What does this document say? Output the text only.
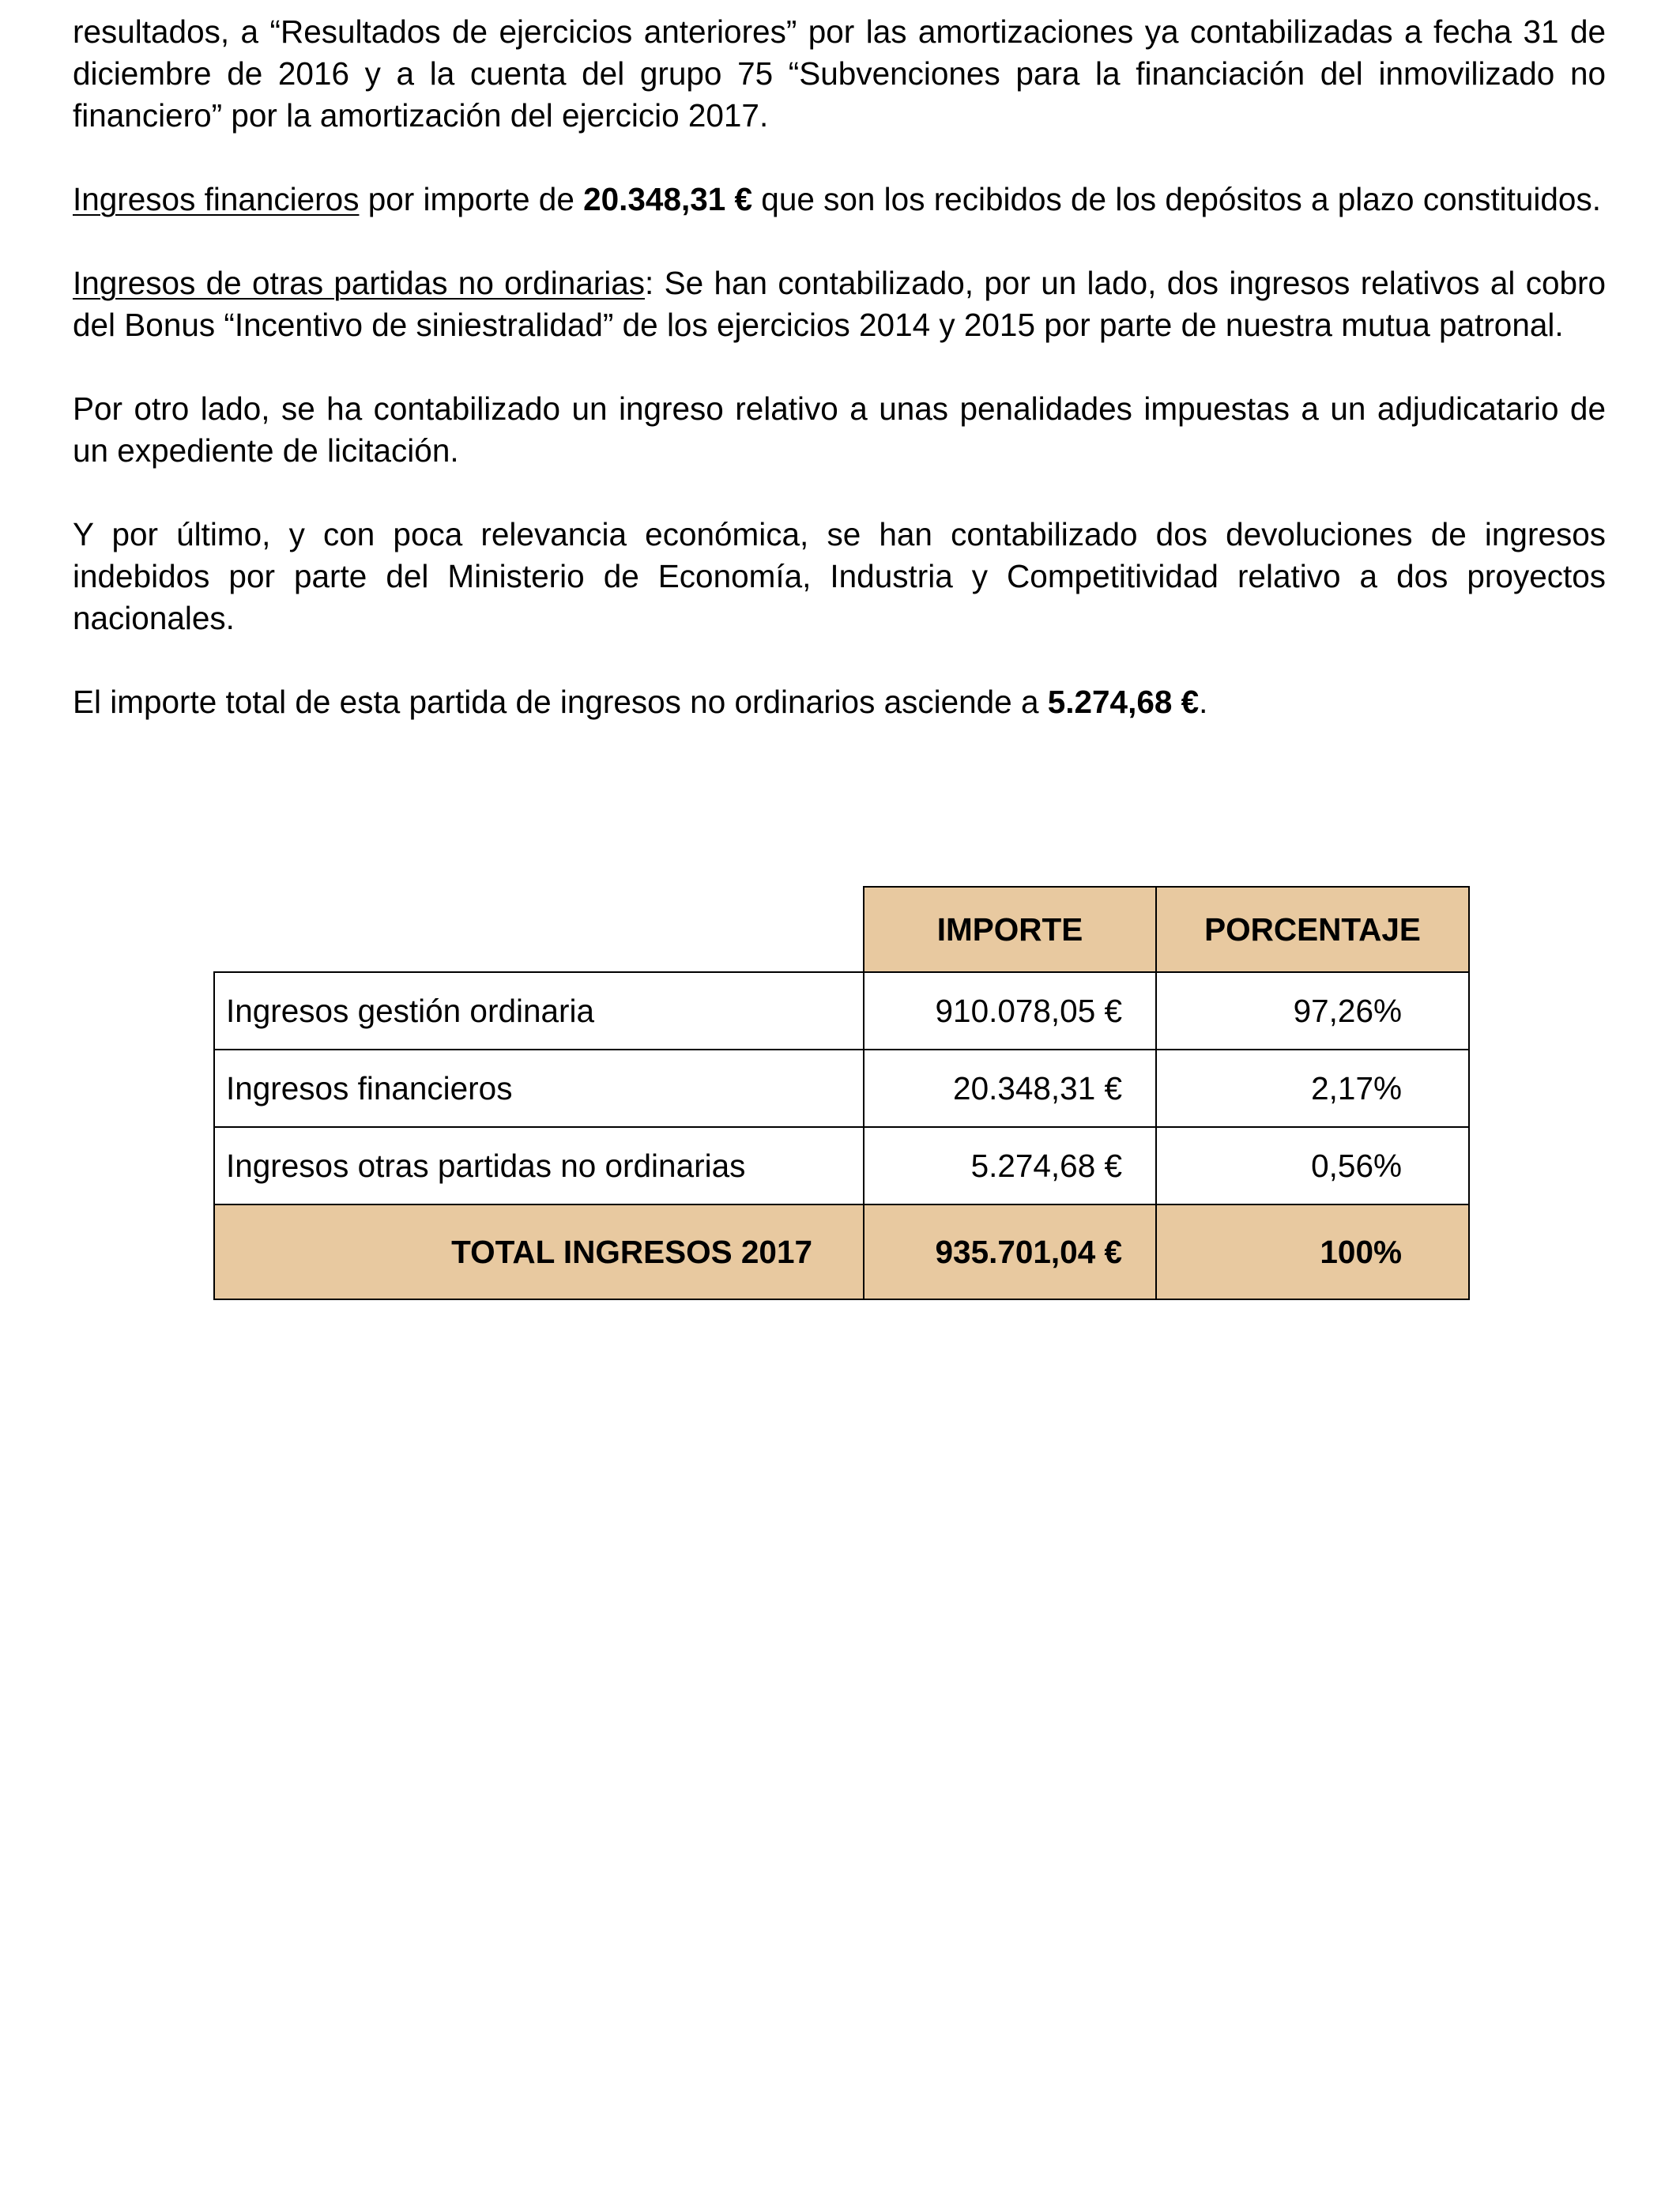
resultados, a “Resultados de ejercicios anteriores” por las amortizaciones ya contabilizadas a fecha 31 de diciembre de 2016 y a la cuenta del grupo 75 “Subvenciones para la financiación del inmovilizado no financiero” por la amortización del ejercicio 2017.

Ingresos financieros por importe de 20.348,31 € que son los recibidos de los depósitos a plazo constituidos.

Ingresos de otras partidas no ordinarias: Se han contabilizado, por un lado, dos ingresos relativos al cobro del Bonus “Incentivo de siniestralidad” de los ejercicios 2014 y 2015 por parte de nuestra mutua patronal.

Por otro lado, se ha contabilizado un ingreso relativo a unas penalidades impuestas a un adjudicatario de un expediente de licitación.

Y por último, y con poca relevancia económica, se han contabilizado dos devoluciones de ingresos indebidos por parte del Ministerio de Economía, Industria y Competitividad relativo a dos proyectos nacionales.

El importe total de esta partida de ingresos no ordinarios asciende a 5.274,68 €.

	IMPORTE	PORCENTAJE
Ingresos gestión ordinaria	910.078,05 €	97,26%
Ingresos financieros	20.348,31 €	2,17%
Ingresos otras partidas no ordinarias	5.274,68 €	0,56%
TOTAL INGRESOS 2017	935.701,04 €	100%
